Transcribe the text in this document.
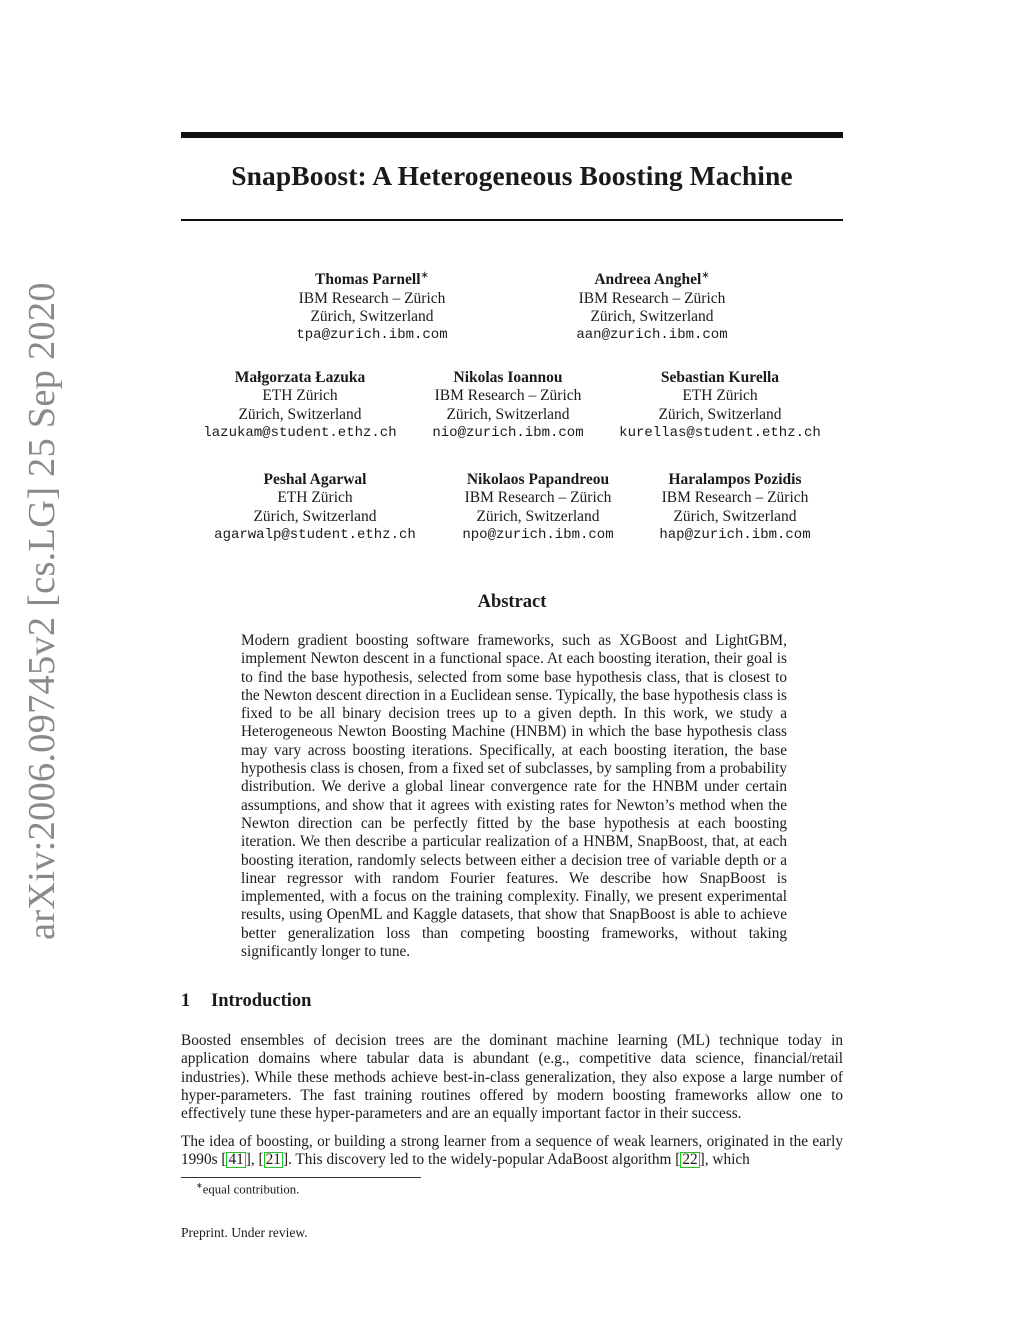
arXiv:2006.09745v2 [cs.LG] 25 Sep 2020
SnapBoost: A Heterogeneous Boosting Machine
Thomas Parnell∗
IBM Research – Zürich
Zürich, Switzerland
tpa@zurich.ibm.com
Andreea Anghel∗
IBM Research – Zürich
Zürich, Switzerland
aan@zurich.ibm.com
Małgorzata Łazuka
ETH Zürich
Zürich, Switzerland
lazukam@student.ethz.ch
Nikolas Ioannou
IBM Research – Zürich
Zürich, Switzerland
nio@zurich.ibm.com
Sebastian Kurella
ETH Zürich
Zürich, Switzerland
kurellas@student.ethz.ch
Peshal Agarwal
ETH Zürich
Zürich, Switzerland
agarwalp@student.ethz.ch
Nikolaos Papandreou
IBM Research – Zürich
Zürich, Switzerland
npo@zurich.ibm.com
Haralampos Pozidis
IBM Research – Zürich
Zürich, Switzerland
hap@zurich.ibm.com
Abstract
Modern gradient boosting software frameworks, such as XGBoost and LightGBM, implement Newton descent in a functional space. At each boosting iteration, their goal is to find the base hypothesis, selected from some base hypothesis class, that is closest to the Newton descent direction in a Euclidean sense. Typically, the base hypothesis class is fixed to be all binary decision trees up to a given depth. In this work, we study a Heterogeneous Newton Boosting Machine (HNBM) in which the base hypothesis class may vary across boosting iterations. Specifically, at each boosting iteration, the base hypothesis class is chosen, from a fixed set of subclasses, by sampling from a probability distribution. We derive a global linear convergence rate for the HNBM under certain assumptions, and show that it agrees with existing rates for Newton’s method when the Newton direction can be perfectly fitted by the base hypothesis at each boosting iteration. We then describe a particular realization of a HNBM, SnapBoost, that, at each boosting iteration, randomly selects between either a decision tree of variable depth or a linear regressor with random Fourier features. We describe how SnapBoost is implemented, with a focus on the training complexity. Finally, we present experimental results, using OpenML and Kaggle datasets, that show that SnapBoost is able to achieve better generalization loss than competing boosting frameworks, without taking significantly longer to tune.
1 Introduction
Boosted ensembles of decision trees are the dominant machine learning (ML) technique today in application domains where tabular data is abundant (e.g., competitive data science, financial/retail industries). While these methods achieve best-in-class generalization, they also expose a large number of hyper-parameters. The fast training routines offered by modern boosting frameworks allow one to effectively tune these hyper-parameters and are an equally important factor in their success.
The idea of boosting, or building a strong learner from a sequence of weak learners, originated in the early 1990s [ 41 ], [ 21 ]. This discovery led to the widely-popular AdaBoost algorithm [ 22 ], which
∗equal contribution.
Preprint. Under review.
